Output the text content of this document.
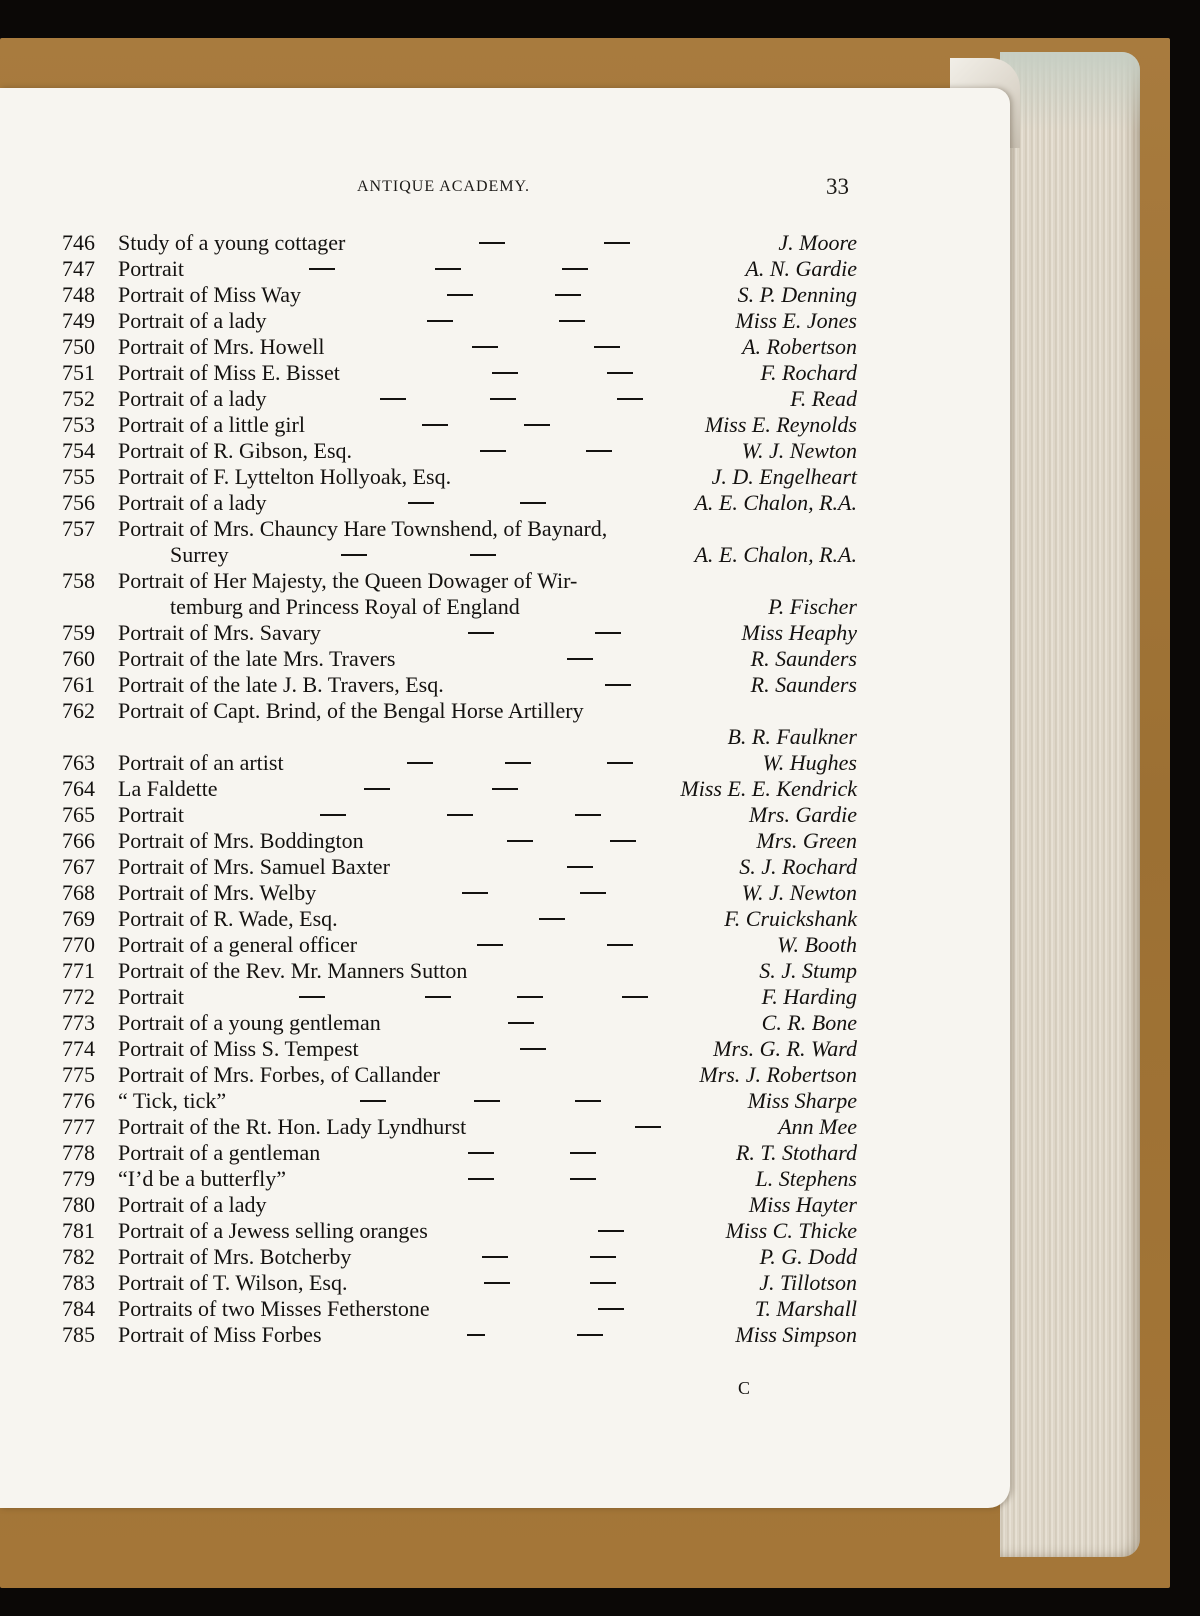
ANTIQUE ACADEMY.	33
746 Study of a young cottager	J. Moore
747 Portrait	A. N. Gardie
748 Portrait of Miss Way	S. P. Denning
749 Portrait of a lady	Miss E. Jones
750 Portrait of Mrs. Howell	A. Robertson
751 Portrait of Miss E. Bisset	F. Rochard
752 Portrait of a lady	F. Read
753 Portrait of a little girl	Miss E. Reynolds
754 Portrait of R. Gibson, Esq.	W. J. Newton
755 Portrait of F. Lyttelton Hollyoak, Esq.	J. D. Engelheart
756 Portrait of a lady	A. E. Chalon, R.A.
757 Portrait of Mrs. Chauncy Hare Townshend, of Baynard,
Surrey	A. E. Chalon, R.A.
758 Portrait of Her Majesty, the Queen Dowager of Wir-
temburg and Princess Royal of England	P. Fischer
759 Portrait of Mrs. Savary	Miss Heaphy
760 Portrait of the late Mrs. Travers	R. Saunders
761 Portrait of the late J. B. Travers, Esq.	R. Saunders
762 Portrait of Capt. Brind, of the Bengal Horse Artillery
B. R. Faulkner
763 Portrait of an artist	W. Hughes
764 La Faldette	Miss E. E. Kendrick
765 Portrait	Mrs. Gardie
766 Portrait of Mrs. Boddington	Mrs. Green
767 Portrait of Mrs. Samuel Baxter	S. J. Rochard
768 Portrait of Mrs. Welby	W. J. Newton
769 Portrait of R. Wade, Esq.	F. Cruickshank
770 Portrait of a general officer	W. Booth
771 Portrait of the Rev. Mr. Manners Sutton	S. J. Stump
772 Portrait	F. Harding
773 Portrait of a young gentleman	C. R. Bone
774 Portrait of Miss S. Tempest	Mrs. G. R. Ward
775 Portrait of Mrs. Forbes, of Callander	Mrs. J. Robertson
776 “ Tick, tick”	Miss Sharpe
777 Portrait of the Rt. Hon. Lady Lyndhurst	Ann Mee
778 Portrait of a gentleman	R. T. Stothard
779 “I’d be a butterfly”	L. Stephens
780 Portrait of a lady	Miss Hayter
781 Portrait of a Jewess selling oranges	Miss C. Thicke
782 Portrait of Mrs. Botcherby	P. G. Dodd
783 Portrait of T. Wilson, Esq.	J. Tillotson
784 Portraits of two Misses Fetherstone	T. Marshall
785 Portrait of Miss Forbes	Miss Simpson
C
